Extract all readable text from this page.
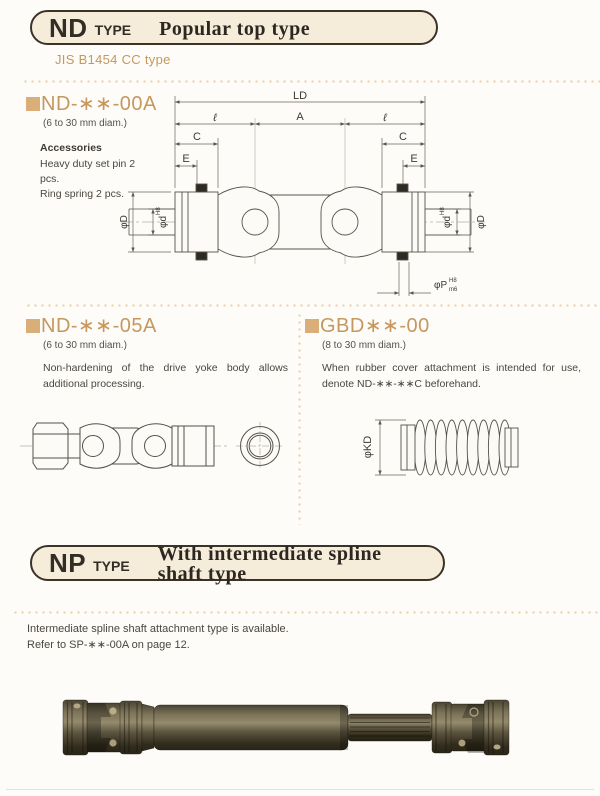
ND TYPE Popular top type
JIS B1454 CC type
ND-∗∗-00A
(6 to 30 mm diam.)
Accessories
Heavy duty set pin 2 pcs.
Ring spring 2 pcs.
LD
ℓ	A	ℓ
C	C
E	E
φD	φd
H8
φd
H8
φD
φP H8
m6
ND-∗∗-05A
(6 to 30 mm diam.)
Non-hardening of the drive yoke body allows additional processing.
GBD∗∗-00
(8 to 30 mm diam.)
When rubber cover attachment is intended for use, denote ND-∗∗-∗∗C beforehand.
φKD
NP TYPE
With intermediate spline shaft type
Intermediate spline shaft attachment type is available.
Refer to SP-∗∗-00A on page 12.
